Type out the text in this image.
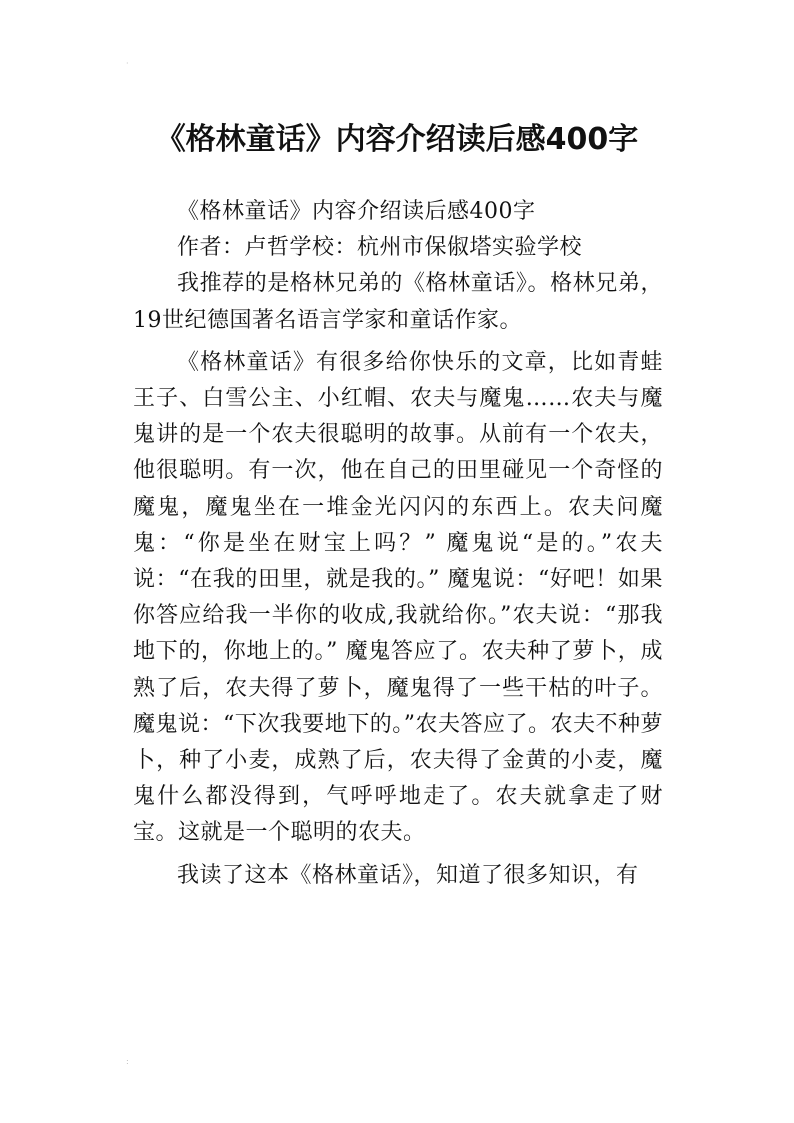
·
《格林童话》内容介绍读后感400字

《格林童话》内容介绍读后感400字

作者：卢哲学校：杭州市保俶塔实验学校

我推荐的是格林兄弟的《格林童话》。格林兄弟，19世纪德国著名语言学家和童话作家。

《格林童话》有很多给你快乐的文章，比如青蛙王子、白雪公主、小红帽、农夫与魔鬼……农夫与魔鬼讲的是一个农夫很聪明的故事。从前有一个农夫，他很聪明。有一次，他在自己的田里碰见一个奇怪的魔鬼，魔鬼坐在一堆金光闪闪的东西上。农夫问魔鬼：“你是坐在财宝上吗？” 魔鬼说“是的。”农夫说：“在我的田里，就是我的。” 魔鬼说：“好吧！如果你答应给我一半你的收成,我就给你。”农夫说：“那我地下的，你地上的。” 魔鬼答应了。农夫种了萝卜，成熟了后，农夫得了萝卜，魔鬼得了一些干枯的叶子。魔鬼说：“下次我要地下的。”农夫答应了。农夫不种萝卜，种了小麦，成熟了后，农夫得了金黄的小麦，魔鬼什么都没得到，气呼呼地走了。农夫就拿走了财宝。这就是一个聪明的农夫。

我读了这本《格林童话》，知道了很多知识，有

:
